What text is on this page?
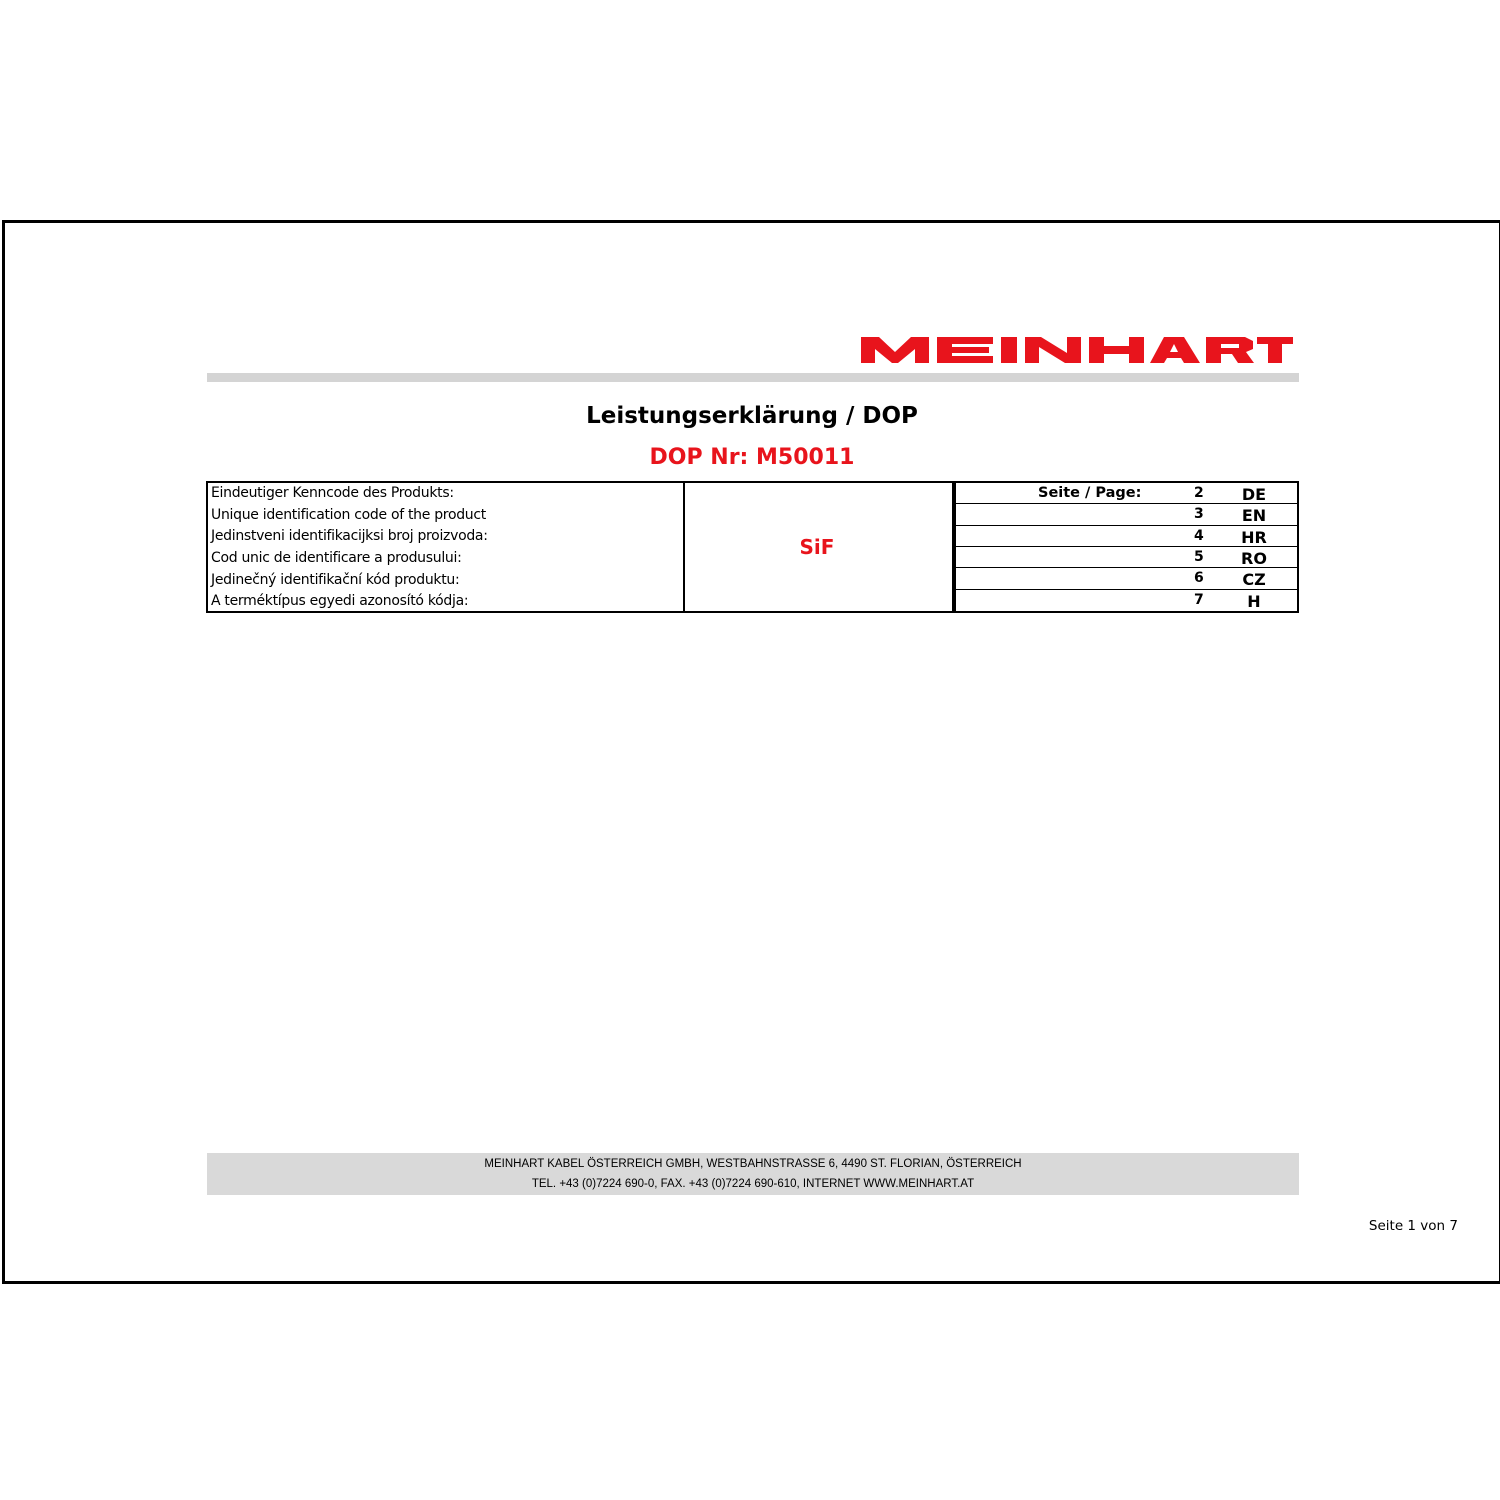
Leistungserklärung / DOP
DOP Nr: M50011
Eindeutiger Kenncode des Produkts:
Unique identification code of the product
Jedinstveni identifikacijksi broj proizvoda:
Cod unic de identificare a produsului:
Jedinečný identifikační kód produktu:
A terméktípus egyedi azonosító kódja:
SiF
Seite / Page:	2	DE
3	EN
4	HR
5	RO
6	CZ
7	H
MEINHART KABEL ÖSTERREICH GMBH, WESTBAHNSTRASSE 6, 4490 ST. FLORIAN, ÖSTERREICH
TEL. +43 (0)7224 690-0, FAX. +43 (0)7224 690-610, INTERNET WWW.MEINHART.AT
Seite 1 von 7
